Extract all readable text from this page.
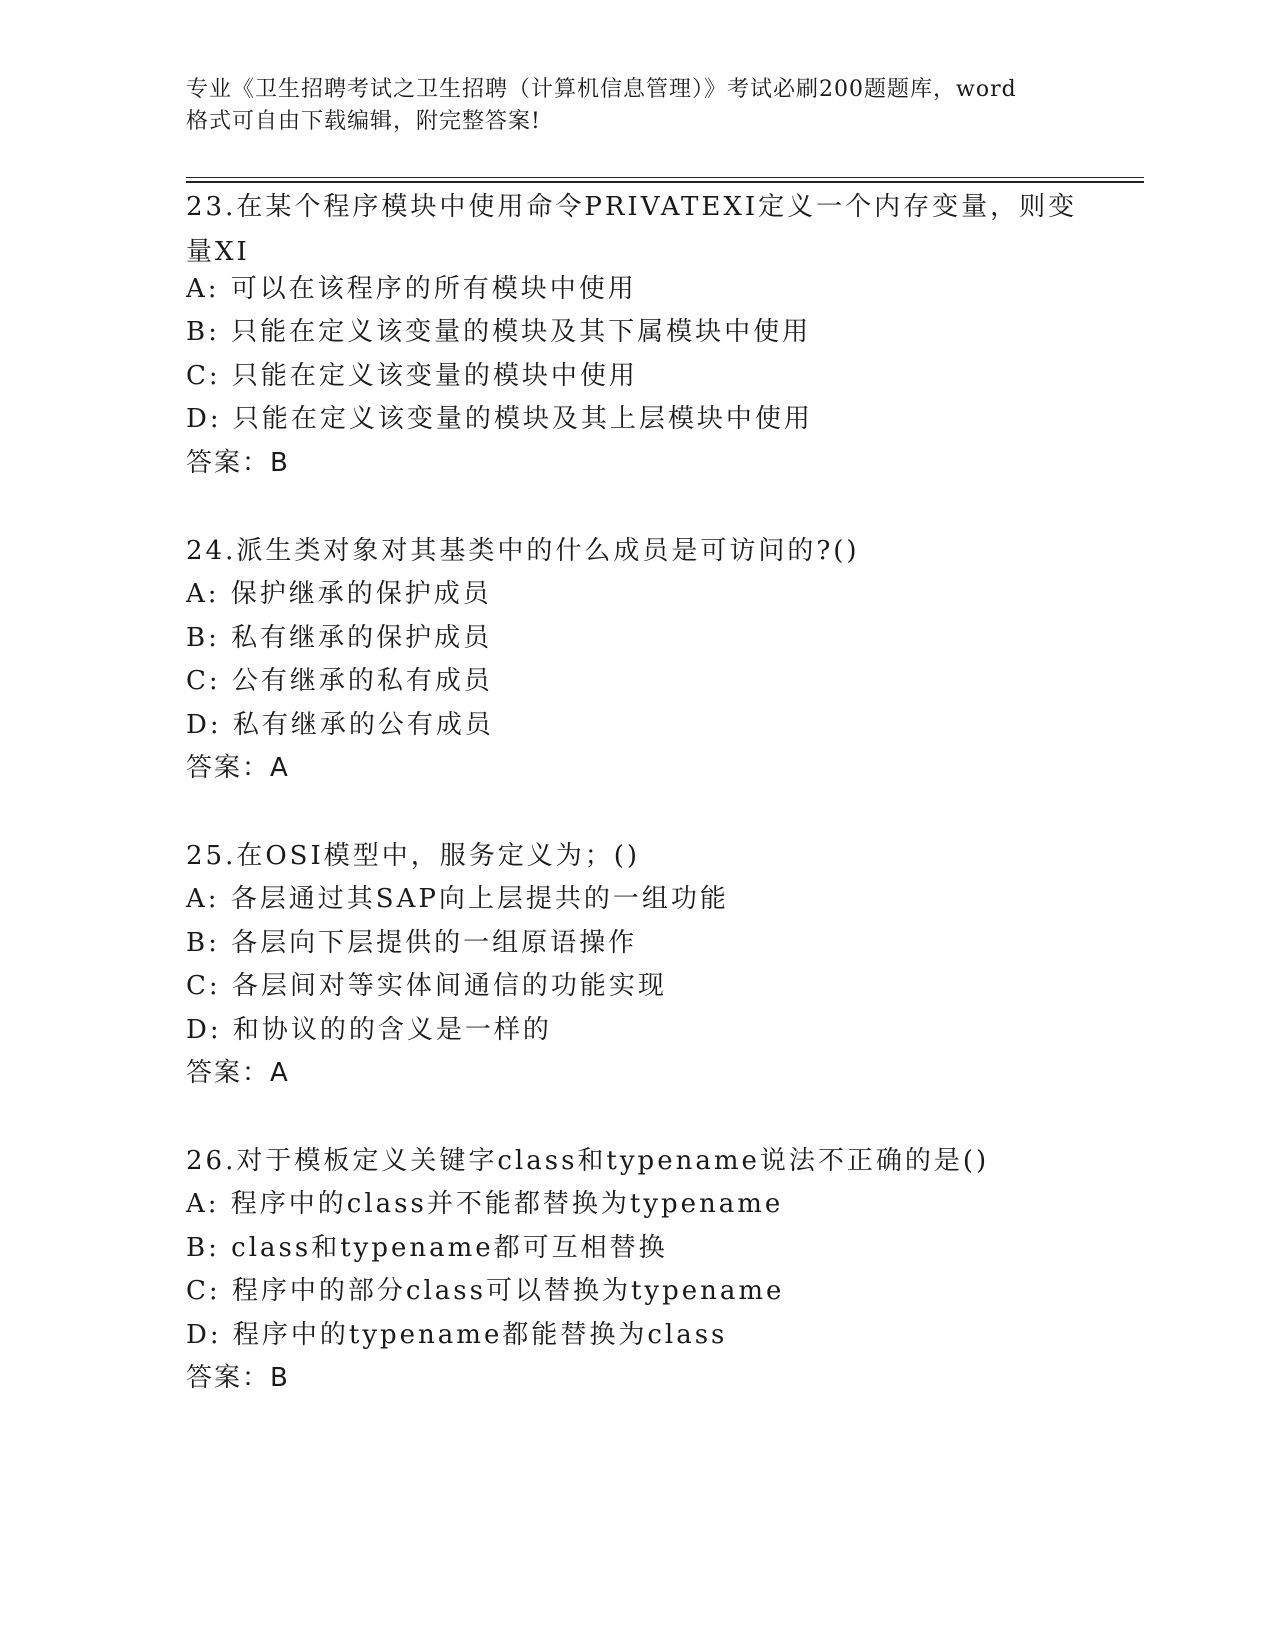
专业《卫生招聘考试之卫生招聘（计算机信息管理）》考试必刷200题题库，word
格式可自由下载编辑，附完整答案!
23.在某个程序模块中使用命令PRIVATEXI定义一个内存变量，则变量XI
A: 可以在该程序的所有模块中使用
B: 只能在定义该变量的模块及其下属模块中使用
C: 只能在定义该变量的模块中使用
D: 只能在定义该变量的模块及其上层模块中使用
答案：B
24.派生类对象对其基类中的什么成员是可访问的?()
A: 保护继承的保护成员
B: 私有继承的保护成员
C: 公有继承的私有成员
D: 私有继承的公有成员
答案：A
25.在OSI模型中，服务定义为；()
A: 各层通过其SAP向上层提共的一组功能
B: 各层向下层提供的一组原语操作
C: 各层间对等实体间通信的功能实现
D: 和协议的的含义是一样的
答案：A
26.对于模板定义关键字class和typename说法不正确的是()
A: 程序中的class并不能都替换为typename
B: class和typename都可互相替换
C: 程序中的部分class可以替换为typename
D: 程序中的typename都能替换为class
答案：B
